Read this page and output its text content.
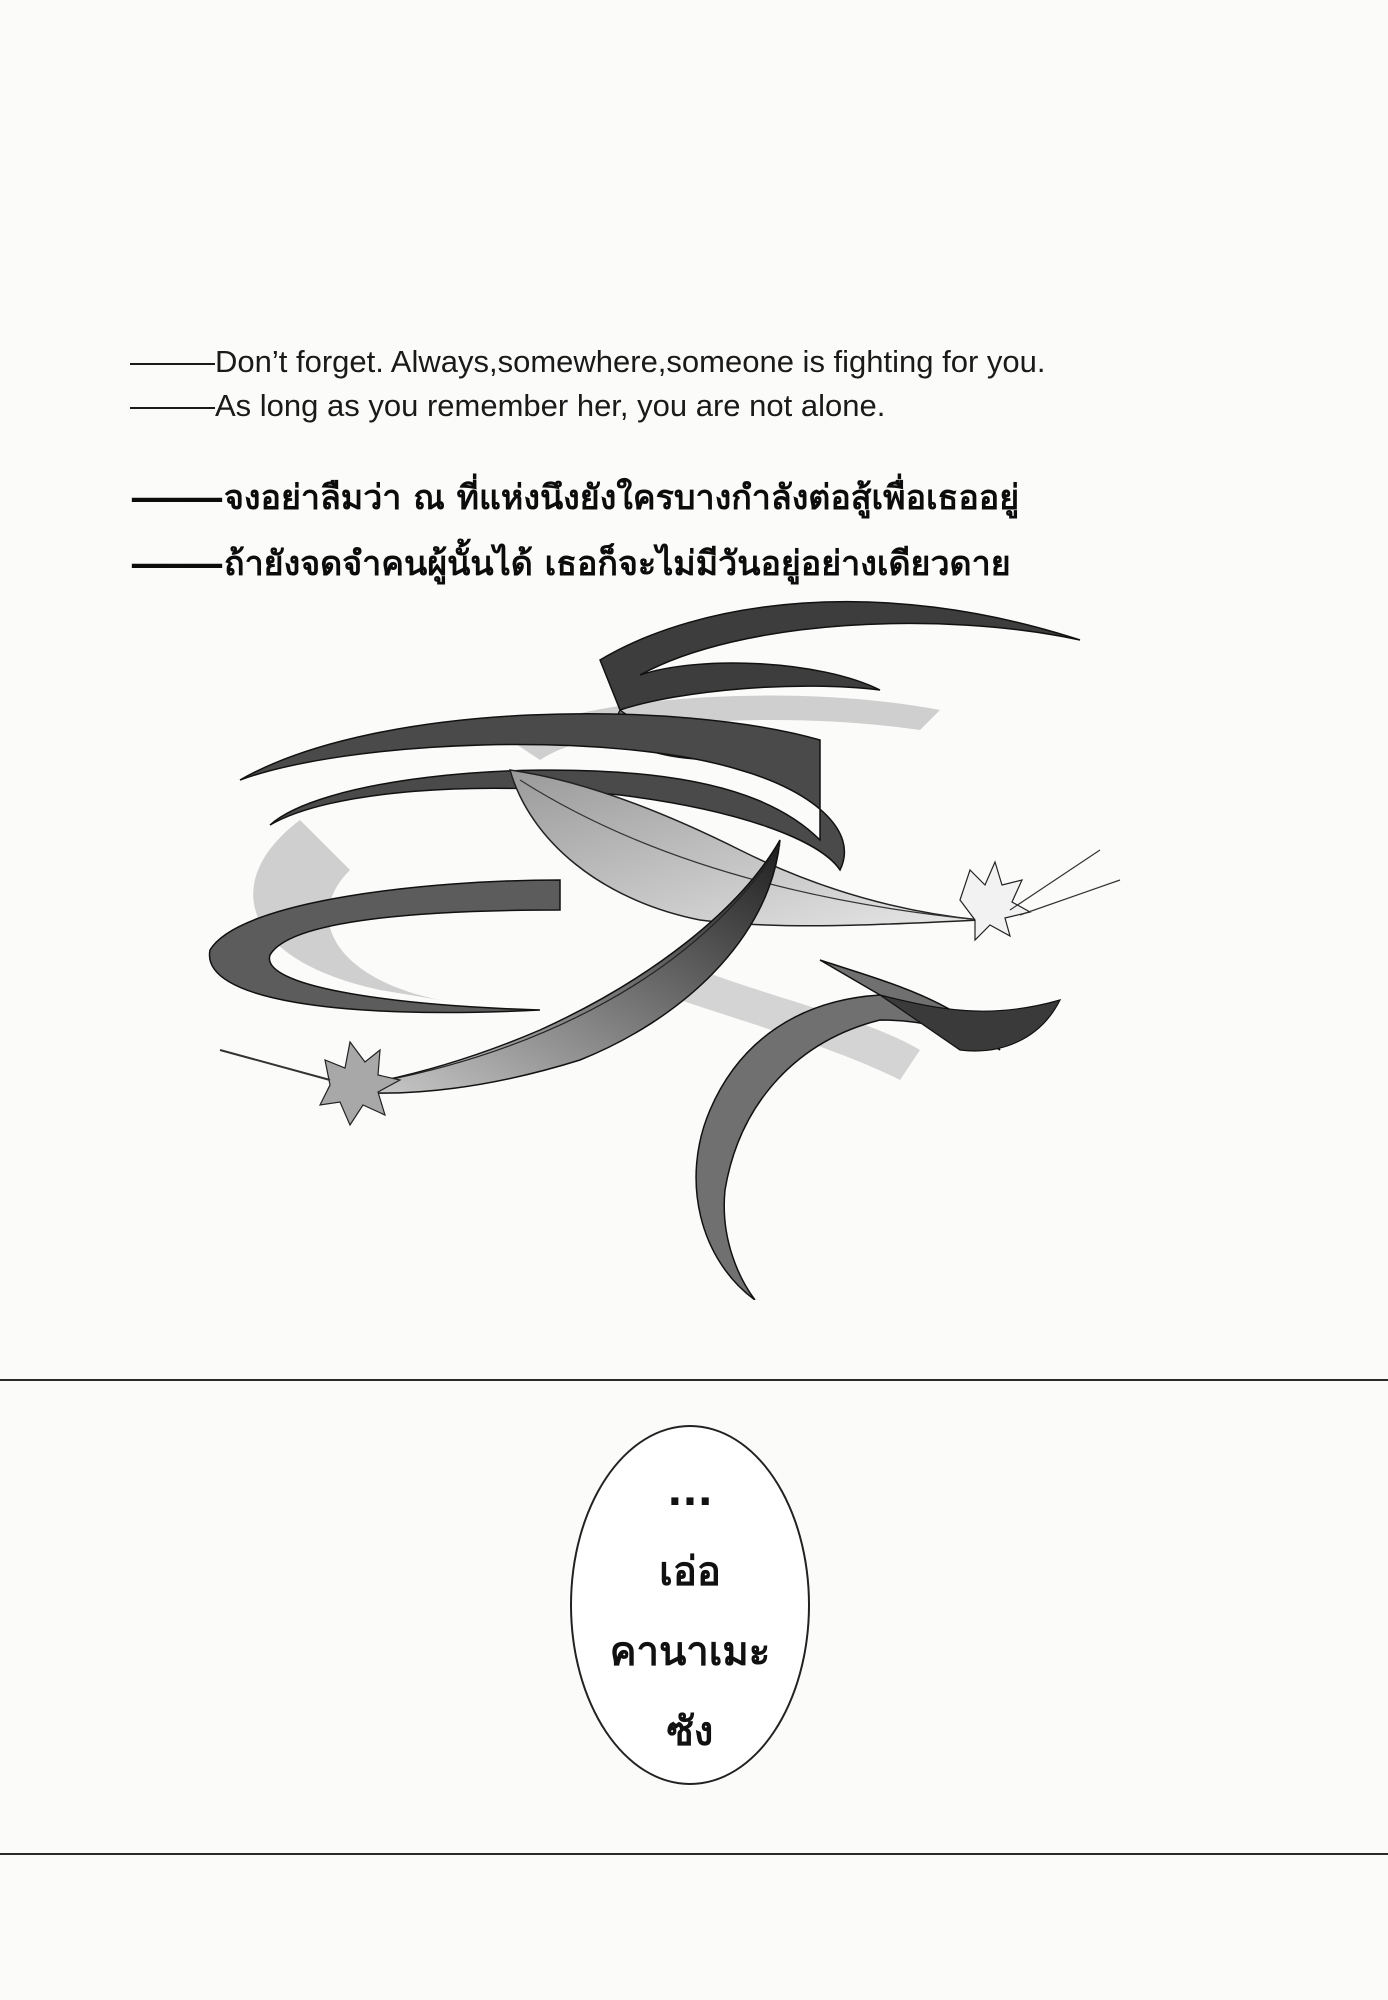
——— Don’t forget. Always,somewhere,someone is fighting for you.
——— As long as you remember her, you are not alone.
——— จงอย่าลืมว่า ณ ที่แห่งนึงยังใครบางกำลังต่อสู้เพื่อเธออยู่
——— ถ้ายังจดจำคนผู้นั้นได้ เธอก็จะไม่มีวันอยู่อย่างเดียวดาย
...
เอ่อ
คานาเมะ
ซัง
